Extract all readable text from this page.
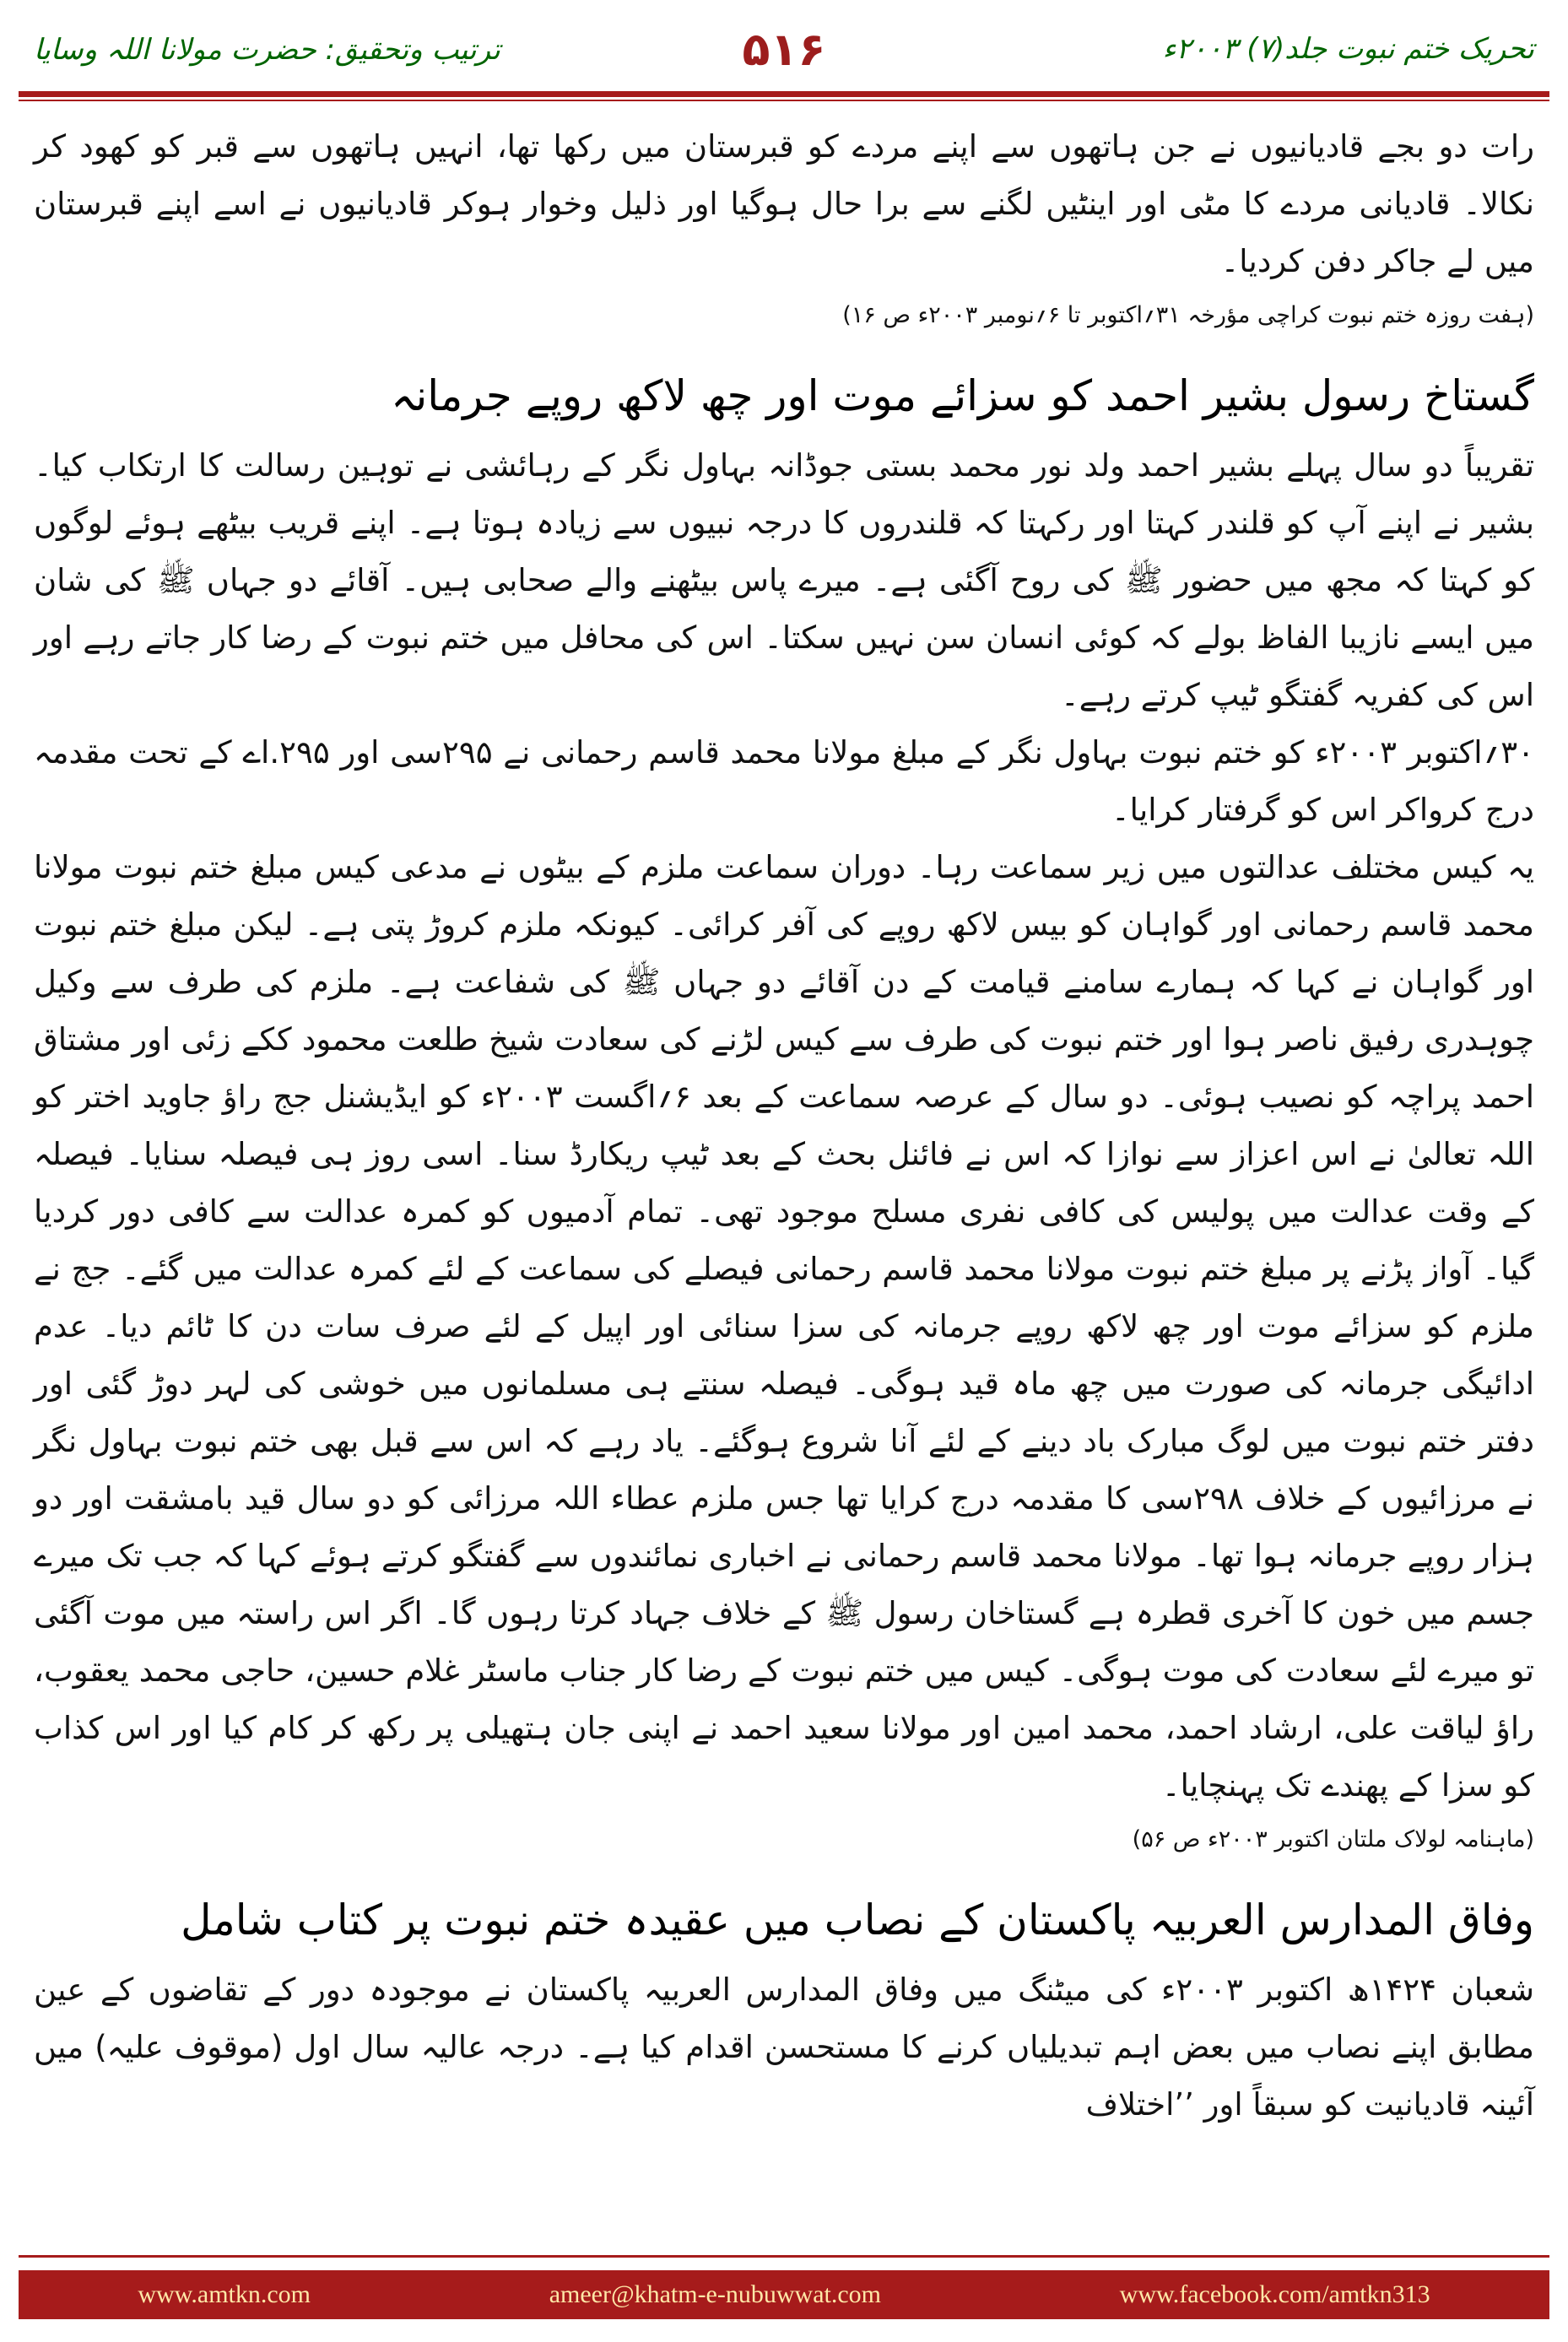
ترتیب وتحقیق: حضرت مولانا اللہ وسایا	۵۱۶	تحریک ختم نبوت جلد(۷) ۲۰۰۳ء

رات دو بجے قادیانیوں نے جن ہاتھوں سے اپنے مردے کو قبرستان میں رکھا تھا، انہیں ہاتھوں سے قبر کو کھود کر نکالا۔ قادیانی مردے کا مٹی اور اینٹیں لگنے سے برا حال ہوگیا اور ذلیل وخوار ہوکر قادیانیوں نے اسے اپنے قبرستان میں لے جاکر دفن کردیا۔

(ہفت روزہ ختم نبوت کراچی مؤرخہ ۳۱؍اکتوبر تا ۶؍نومبر ۲۰۰۳ء ص ۱۶)

گستاخ رسول بشیر احمد کو سزائے موت اور چھ لاکھ روپے جرمانہ

تقریباً دو سال پہلے بشیر احمد ولد نور محمد بستی جوڈانہ بہاول نگر کے رہائشی نے توہین رسالت کا ارتکاب کیا۔ بشیر نے اپنے آپ کو قلندر کہتا اور رکہتا کہ قلندروں کا درجہ نبیوں سے زیادہ ہوتا ہے۔ اپنے قریب بیٹھے ہوئے لوگوں کو کہتا کہ مجھ میں حضور ﷺ کی روح آگئی ہے۔ میرے پاس بیٹھنے والے صحابی ہیں۔ آقائے دو جہاں ﷺ کی شان میں ایسے نازیبا الفاظ بولے کہ کوئی انسان سن نہیں سکتا۔ اس کی محافل میں ختم نبوت کے رضا کار جاتے رہے اور اس کی کفریہ گفتگو ٹیپ کرتے رہے۔

۳۰؍اکتوبر ۲۰۰۳ء کو ختم نبوت بہاول نگر کے مبلغ مولانا محمد قاسم رحمانی نے ۲۹۵سی اور ۲۹۵.اے کے تحت مقدمہ درج کرواکر اس کو گرفتار کرایا۔

یہ کیس مختلف عدالتوں میں زیر سماعت رہا۔ دوران سماعت ملزم کے بیٹوں نے مدعی کیس مبلغ ختم نبوت مولانا محمد قاسم رحمانی اور گواہان کو بیس لاکھ روپے کی آفر کرائی۔ کیونکہ ملزم کروڑ پتی ہے۔ لیکن مبلغ ختم نبوت اور گواہان نے کہا کہ ہمارے سامنے قیامت کے دن آقائے دو جہاں ﷺ کی شفاعت ہے۔ ملزم کی طرف سے وکیل چوہدری رفیق ناصر ہوا اور ختم نبوت کی طرف سے کیس لڑنے کی سعادت شیخ طلعت محمود ککے زئی اور مشتاق احمد پراچہ کو نصیب ہوئی۔ دو سال کے عرصہ سماعت کے بعد ۶؍اگست ۲۰۰۳ء کو ایڈیشنل جج راؤ جاوید اختر کو اللہ تعالیٰ نے اس اعزاز سے نوازا کہ اس نے فائنل بحث کے بعد ٹیپ ریکارڈ سنا۔ اسی روز ہی فیصلہ سنایا۔ فیصلہ کے وقت عدالت میں پولیس کی کافی نفری مسلح موجود تھی۔ تمام آدمیوں کو کمرہ عدالت سے کافی دور کردیا گیا۔ آواز پڑنے پر مبلغ ختم نبوت مولانا محمد قاسم رحمانی فیصلے کی سماعت کے لئے کمرہ عدالت میں گئے۔ جج نے ملزم کو سزائے موت اور چھ لاکھ روپے جرمانہ کی سزا سنائی اور اپیل کے لئے صرف سات دن کا ٹائم دیا۔ عدم ادائیگی جرمانہ کی صورت میں چھ ماہ قید ہوگی۔ فیصلہ سنتے ہی مسلمانوں میں خوشی کی لہر دوڑ گئی اور دفتر ختم نبوت میں لوگ مبارک باد دینے کے لئے آنا شروع ہوگئے۔ یاد رہے کہ اس سے قبل بھی ختم نبوت بہاول نگر نے مرزائیوں کے خلاف ۲۹۸سی کا مقدمہ درج کرایا تھا جس ملزم عطاء اللہ مرزائی کو دو سال قید بامشقت اور دو ہزار روپے جرمانہ ہوا تھا۔ مولانا محمد قاسم رحمانی نے اخباری نمائندوں سے گفتگو کرتے ہوئے کہا کہ جب تک میرے جسم میں خون کا آخری قطرہ ہے گستاخان رسول ﷺ کے خلاف جہاد کرتا رہوں گا۔ اگر اس راستہ میں موت آگئی تو میرے لئے سعادت کی موت ہوگی۔ کیس میں ختم نبوت کے رضا کار جناب ماسٹر غلام حسین، حاجی محمد یعقوب، راؤ لیاقت علی، ارشاد احمد، محمد امین اور مولانا سعید احمد نے اپنی جان ہتھیلی پر رکھ کر کام کیا اور اس کذاب کو سزا کے پھندے تک پہنچایا۔

(ماہنامہ لولاک ملتان اکتوبر ۲۰۰۳ء ص ۵۶)

وفاق المدارس العربیہ پاکستان کے نصاب میں عقیدہ ختم نبوت پر کتاب شامل

شعبان ۱۴۲۴ھ اکتوبر ۲۰۰۳ء کی میٹنگ میں وفاق المدارس العربیہ پاکستان نے موجودہ دور کے تقاضوں کے عین مطابق اپنے نصاب میں بعض اہم تبدیلیاں کرنے کا مستحسن اقدام کیا ہے۔ درجہ عالیہ سال اول (موقوف علیہ) میں آئینہ قادیانیت کو سبقاً اور ’’اختلاف

www.amtkn.com	ameer@khatm-e-nubuwwat.com	www.facebook.com/amtkn313
